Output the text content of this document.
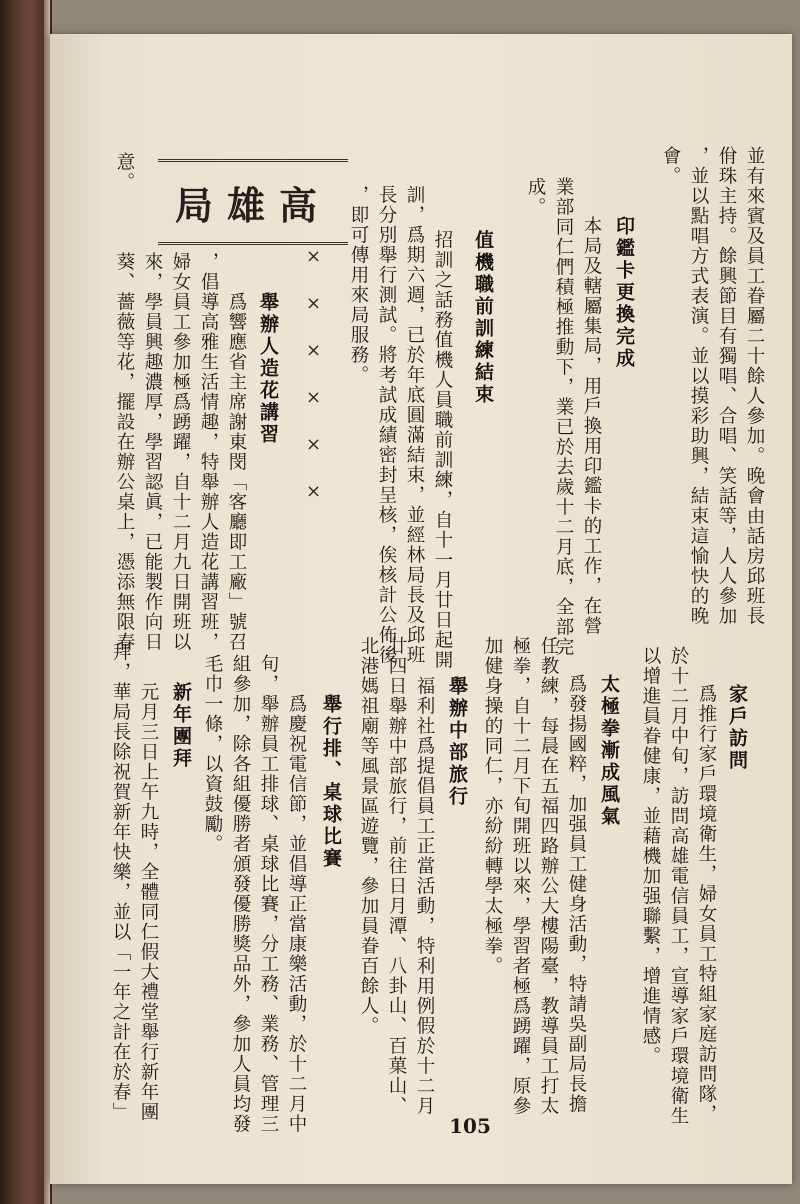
並有來賓及員工眷屬二十餘人參加。晚會由話房邱班長
佾珠主持。餘興節目有獨唱、合唱、笑話等，人人參加
，並以點唱方式表演。並以摸彩助興，結束這愉快的晚
會。
印鑑卡更換完成
本局及轄屬集局，用戶換用印鑑卡的工作，在營
業部同仁們積極推動下，業已於去歲十二月底，全部完
成。
值機職前訓練結束
招訓之話務值機人員職前訓練，自十一月廿日起開
訓，爲期六週，已於年底圓滿結束，並經林局長及邱班
長分別舉行測試。將考試成績密封呈核，俟核計公佈後
，即可傳用來局服務。
××××××
高雄局
舉辦人造花講習
爲響應省主席謝東閔「客廳即工廠」號召
，倡導高雅生活情趣，特舉辦人造花講習班，
婦女員工參加極爲踴躍，自十二月九日開班以
來，學員興趣濃厚，學習認眞，已能製作向日
葵、薔薇等花，擺設在辦公桌上，憑添無限春
意。
家戶訪問
爲推行家戶環境衛生，婦女員工特組家庭訪問隊，
於十二月中旬，訪問高雄電信員工，宣導家戶環境衛生
以增進員眷健康，並藉機加强聯繫，增進情感。
太極拳漸成風氣
爲發揚國粹，加强員工健身活動，特請吳副局長擔
任教練，每晨在五福四路辦公大樓陽臺，教導員工打太
極拳，自十二月下旬開班以來，學習者極爲踴躍，原參
加健身操的同仁，亦紛紛轉學太極拳。
舉辦中部旅行
福利社爲提倡員工正當活動，特利用例假於十二月
廿四日舉辦中部旅行，前往日月潭、八卦山、百菓山、
北港媽祖廟等風景區遊覽，參加員眷百餘人。
舉行排、桌球比賽
爲慶祝電信節，並倡導正當康樂活動，於十二月中
旬，舉辦員工排球、桌球比賽，分工務、業務、管理三
組參加，除各組優勝者頒發優勝獎品外，參加人員均發
毛巾一條，以資鼓勵。
新年團拜
元月三日上午九時，全體同仁假大禮堂舉行新年團
拜，華局長除祝賀新年快樂，並以「一年之計在於春」
105
